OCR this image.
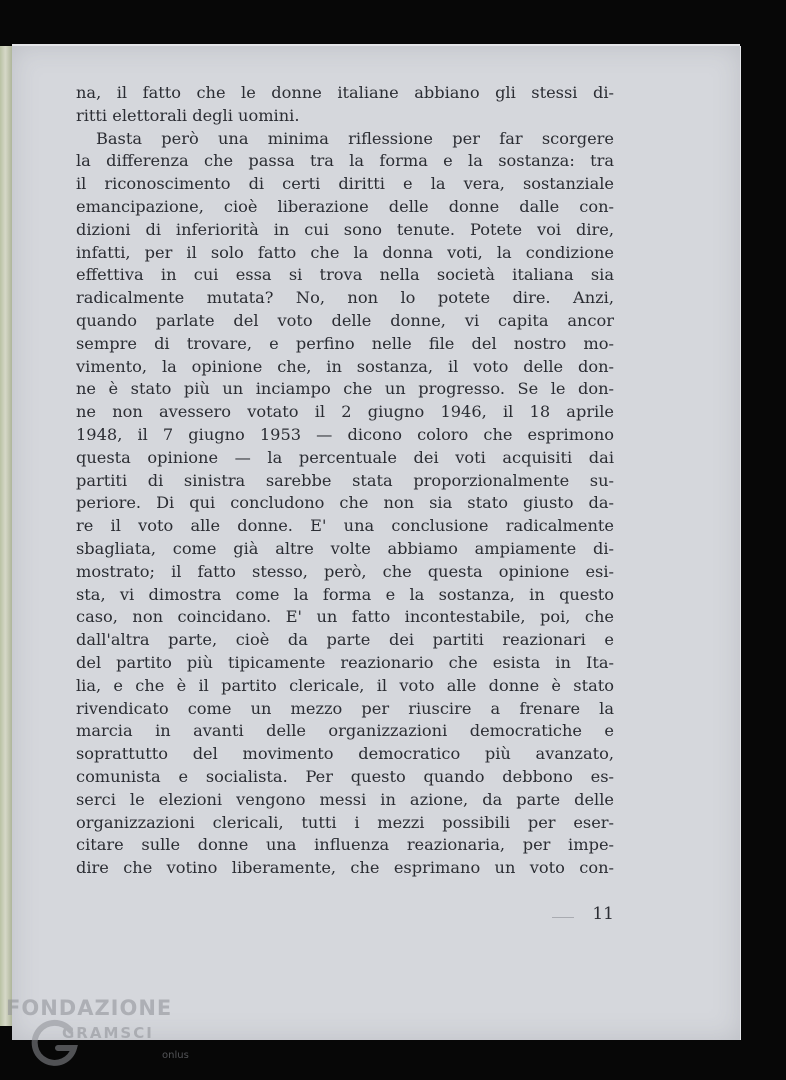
na, il fatto che le donne italiane abbiano gli stessi di-
ritti elettorali degli uomini.
Basta però una minima riflessione per far scorgere
la differenza che passa tra la forma e la sostanza: tra
il riconoscimento di certi diritti e la vera, sostanziale
emancipazione, cioè liberazione delle donne dalle con-
dizioni di inferiorità in cui sono tenute. Potete voi dire,
infatti, per il solo fatto che la donna voti, la condizione
effettiva in cui essa si trova nella società italiana sia
radicalmente mutata? No, non lo potete dire. Anzi,
quando parlate del voto delle donne, vi capita ancor
sempre di trovare, e perfino nelle file del nostro mo-
vimento, la opinione che, in sostanza, il voto delle don-
ne è stato più un inciampo che un progresso. Se le don-
ne non avessero votato il 2 giugno 1946, il 18 aprile
1948, il 7 giugno 1953 — dicono coloro che esprimono
questa opinione — la percentuale dei voti acquisiti dai
partiti di sinistra sarebbe stata proporzionalmente su-
periore. Di qui concludono che non sia stato giusto da-
re il voto alle donne. E' una conclusione radicalmente
sbagliata, come già altre volte abbiamo ampiamente di-
mostrato; il fatto stesso, però, che questa opinione esi-
sta, vi dimostra come la forma e la sostanza, in questo
caso, non coincidano. E' un fatto incontestabile, poi, che
dall'altra parte, cioè da parte dei partiti reazionari e
del partito più tipicamente reazionario che esista in Ita-
lia, e che è il partito clericale, il voto alle donne è stato
rivendicato come un mezzo per riuscire a frenare la
marcia in avanti delle organizzazioni democratiche e
soprattutto del movimento democratico più avanzato,
comunista e socialista. Per questo quando debbono es-
serci le elezioni vengono messi in azione, da parte delle
organizzazioni clericali, tutti i mezzi possibili per eser-
citare sulle donne una influenza reazionaria, per impe-
dire che votino liberamente, che esprimano un voto con-
11
FONDAZIONE
GRAMSCI
onlus
